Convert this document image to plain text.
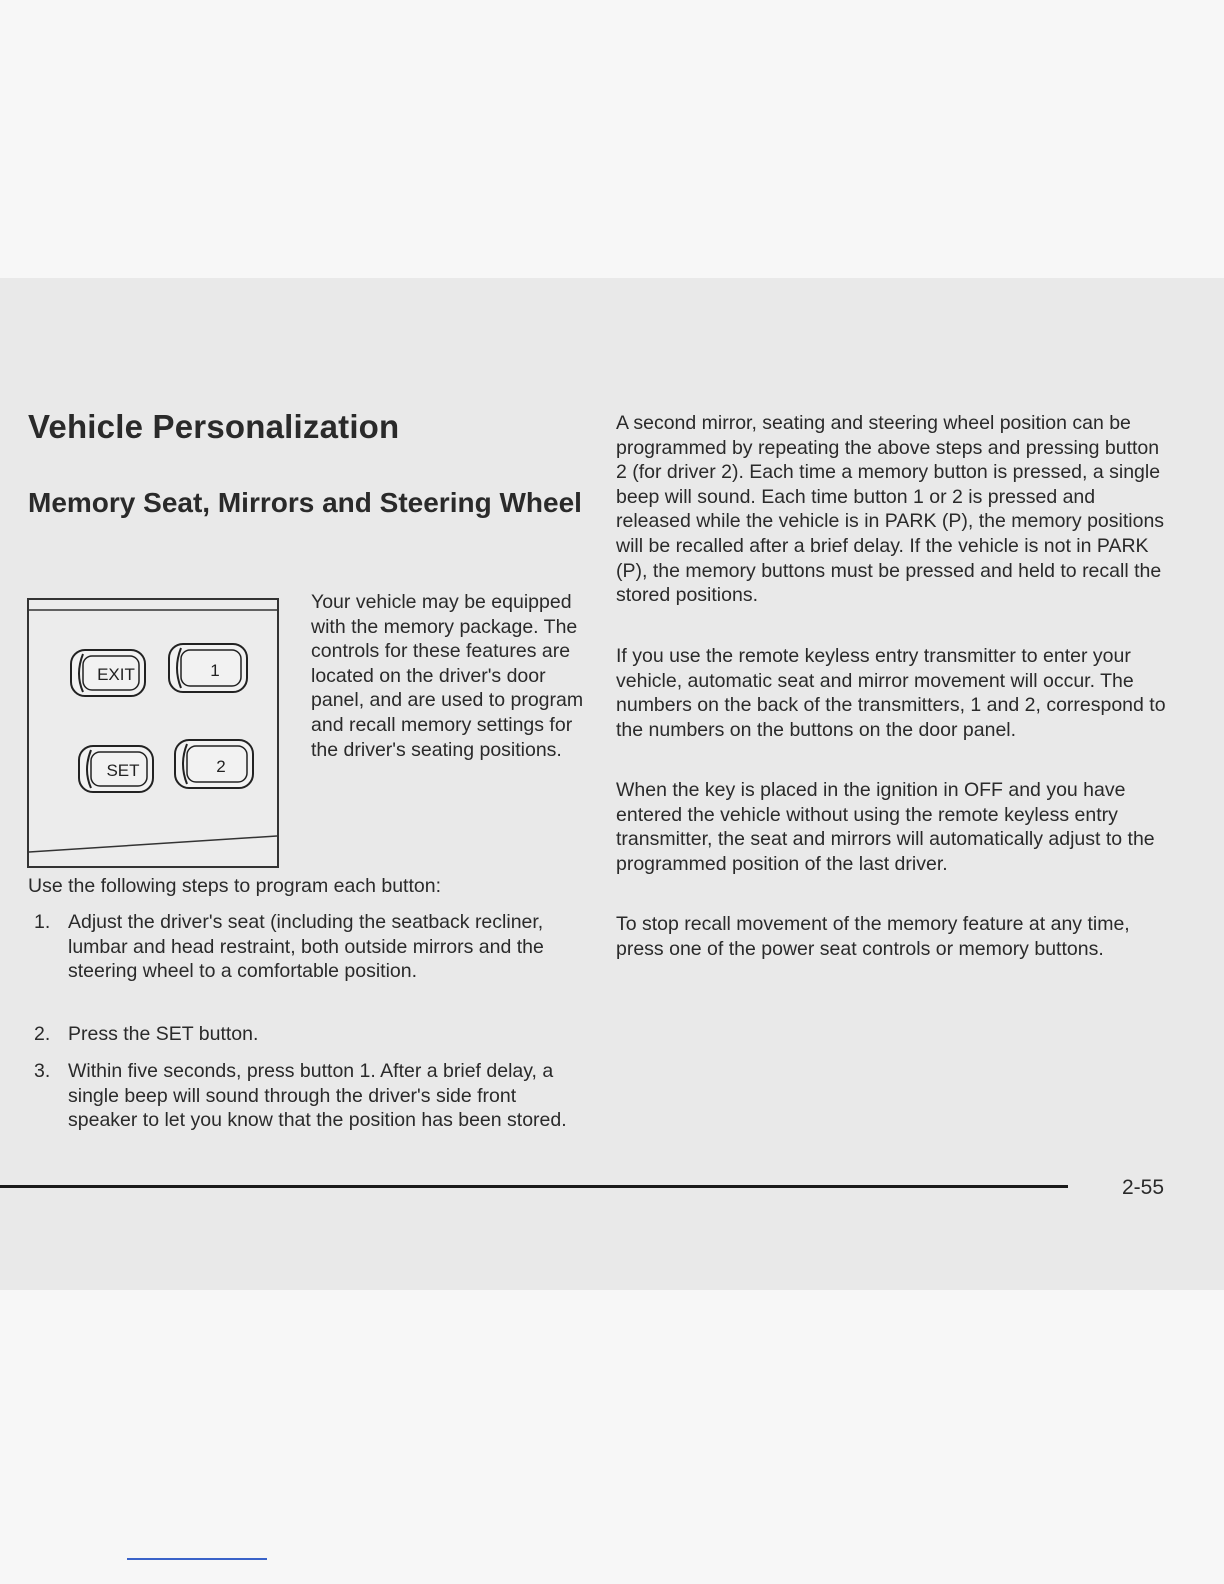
Vehicle Personalization
Memory Seat, Mirrors and Steering Wheel
EXIT	1
SET	2

Your vehicle may be equipped with the memory package. The controls for these features are located on the driver's door panel, and are used to program and recall memory settings for the driver's seating positions.

Use the following steps to program each button:

1. Adjust the driver's seat (including the seatback recliner, lumbar and head restraint, both outside mirrors and the steering wheel to a comfortable position.
2. Press the SET button.
3. Within five seconds, press button 1. After a brief delay, a single beep will sound through the driver's side front speaker to let you know that the position has been stored.

A second mirror, seating and steering wheel position can be programmed by repeating the above steps and pressing button 2 (for driver 2). Each time a memory button is pressed, a single beep will sound. Each time button 1 or 2 is pressed and released while the vehicle is in PARK (P), the memory positions will be recalled after a brief delay. If the vehicle is not in PARK (P), the memory buttons must be pressed and held to recall the stored positions.

If you use the remote keyless entry transmitter to enter your vehicle, automatic seat and mirror movement will occur. The numbers on the back of the transmitters, 1 and 2, correspond to the numbers on the buttons on the door panel.

When the key is placed in the ignition in OFF and you have entered the vehicle without using the remote keyless entry transmitter, the seat and mirrors will automatically adjust to the programmed position of the last driver.

To stop recall movement of the memory feature at any time, press one of the power seat controls or memory buttons.

2-55
